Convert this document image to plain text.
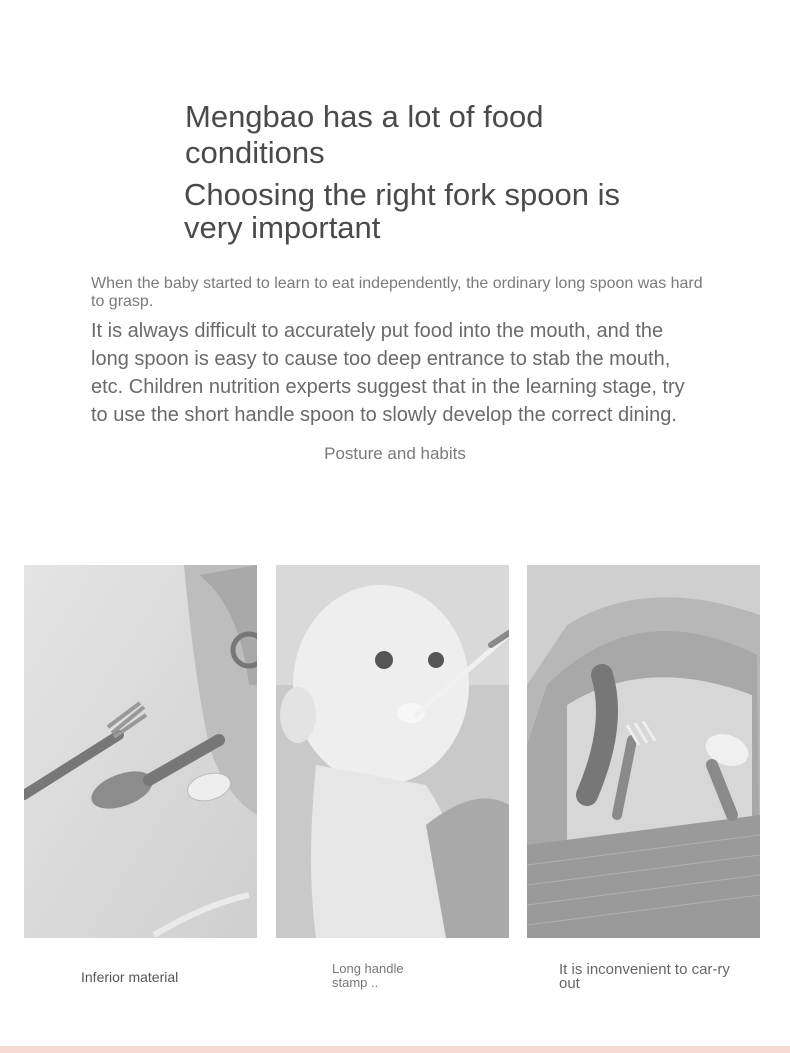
Mengbao has a lot of food conditions
Choosing the right fork spoon is very important

When the baby started to learn to eat independently, the ordinary long spoon was hard to grasp.

It is always difficult to accurately put food into the mouth, and the long spoon is easy to cause too deep entrance to stab the mouth, etc. Children nutrition experts suggest that in the learning stage, try to use the short handle spoon to slowly develop the correct dining.

Posture and habits

Inferior material

Long handle stamp ..

It is inconvenient to car-ry out
